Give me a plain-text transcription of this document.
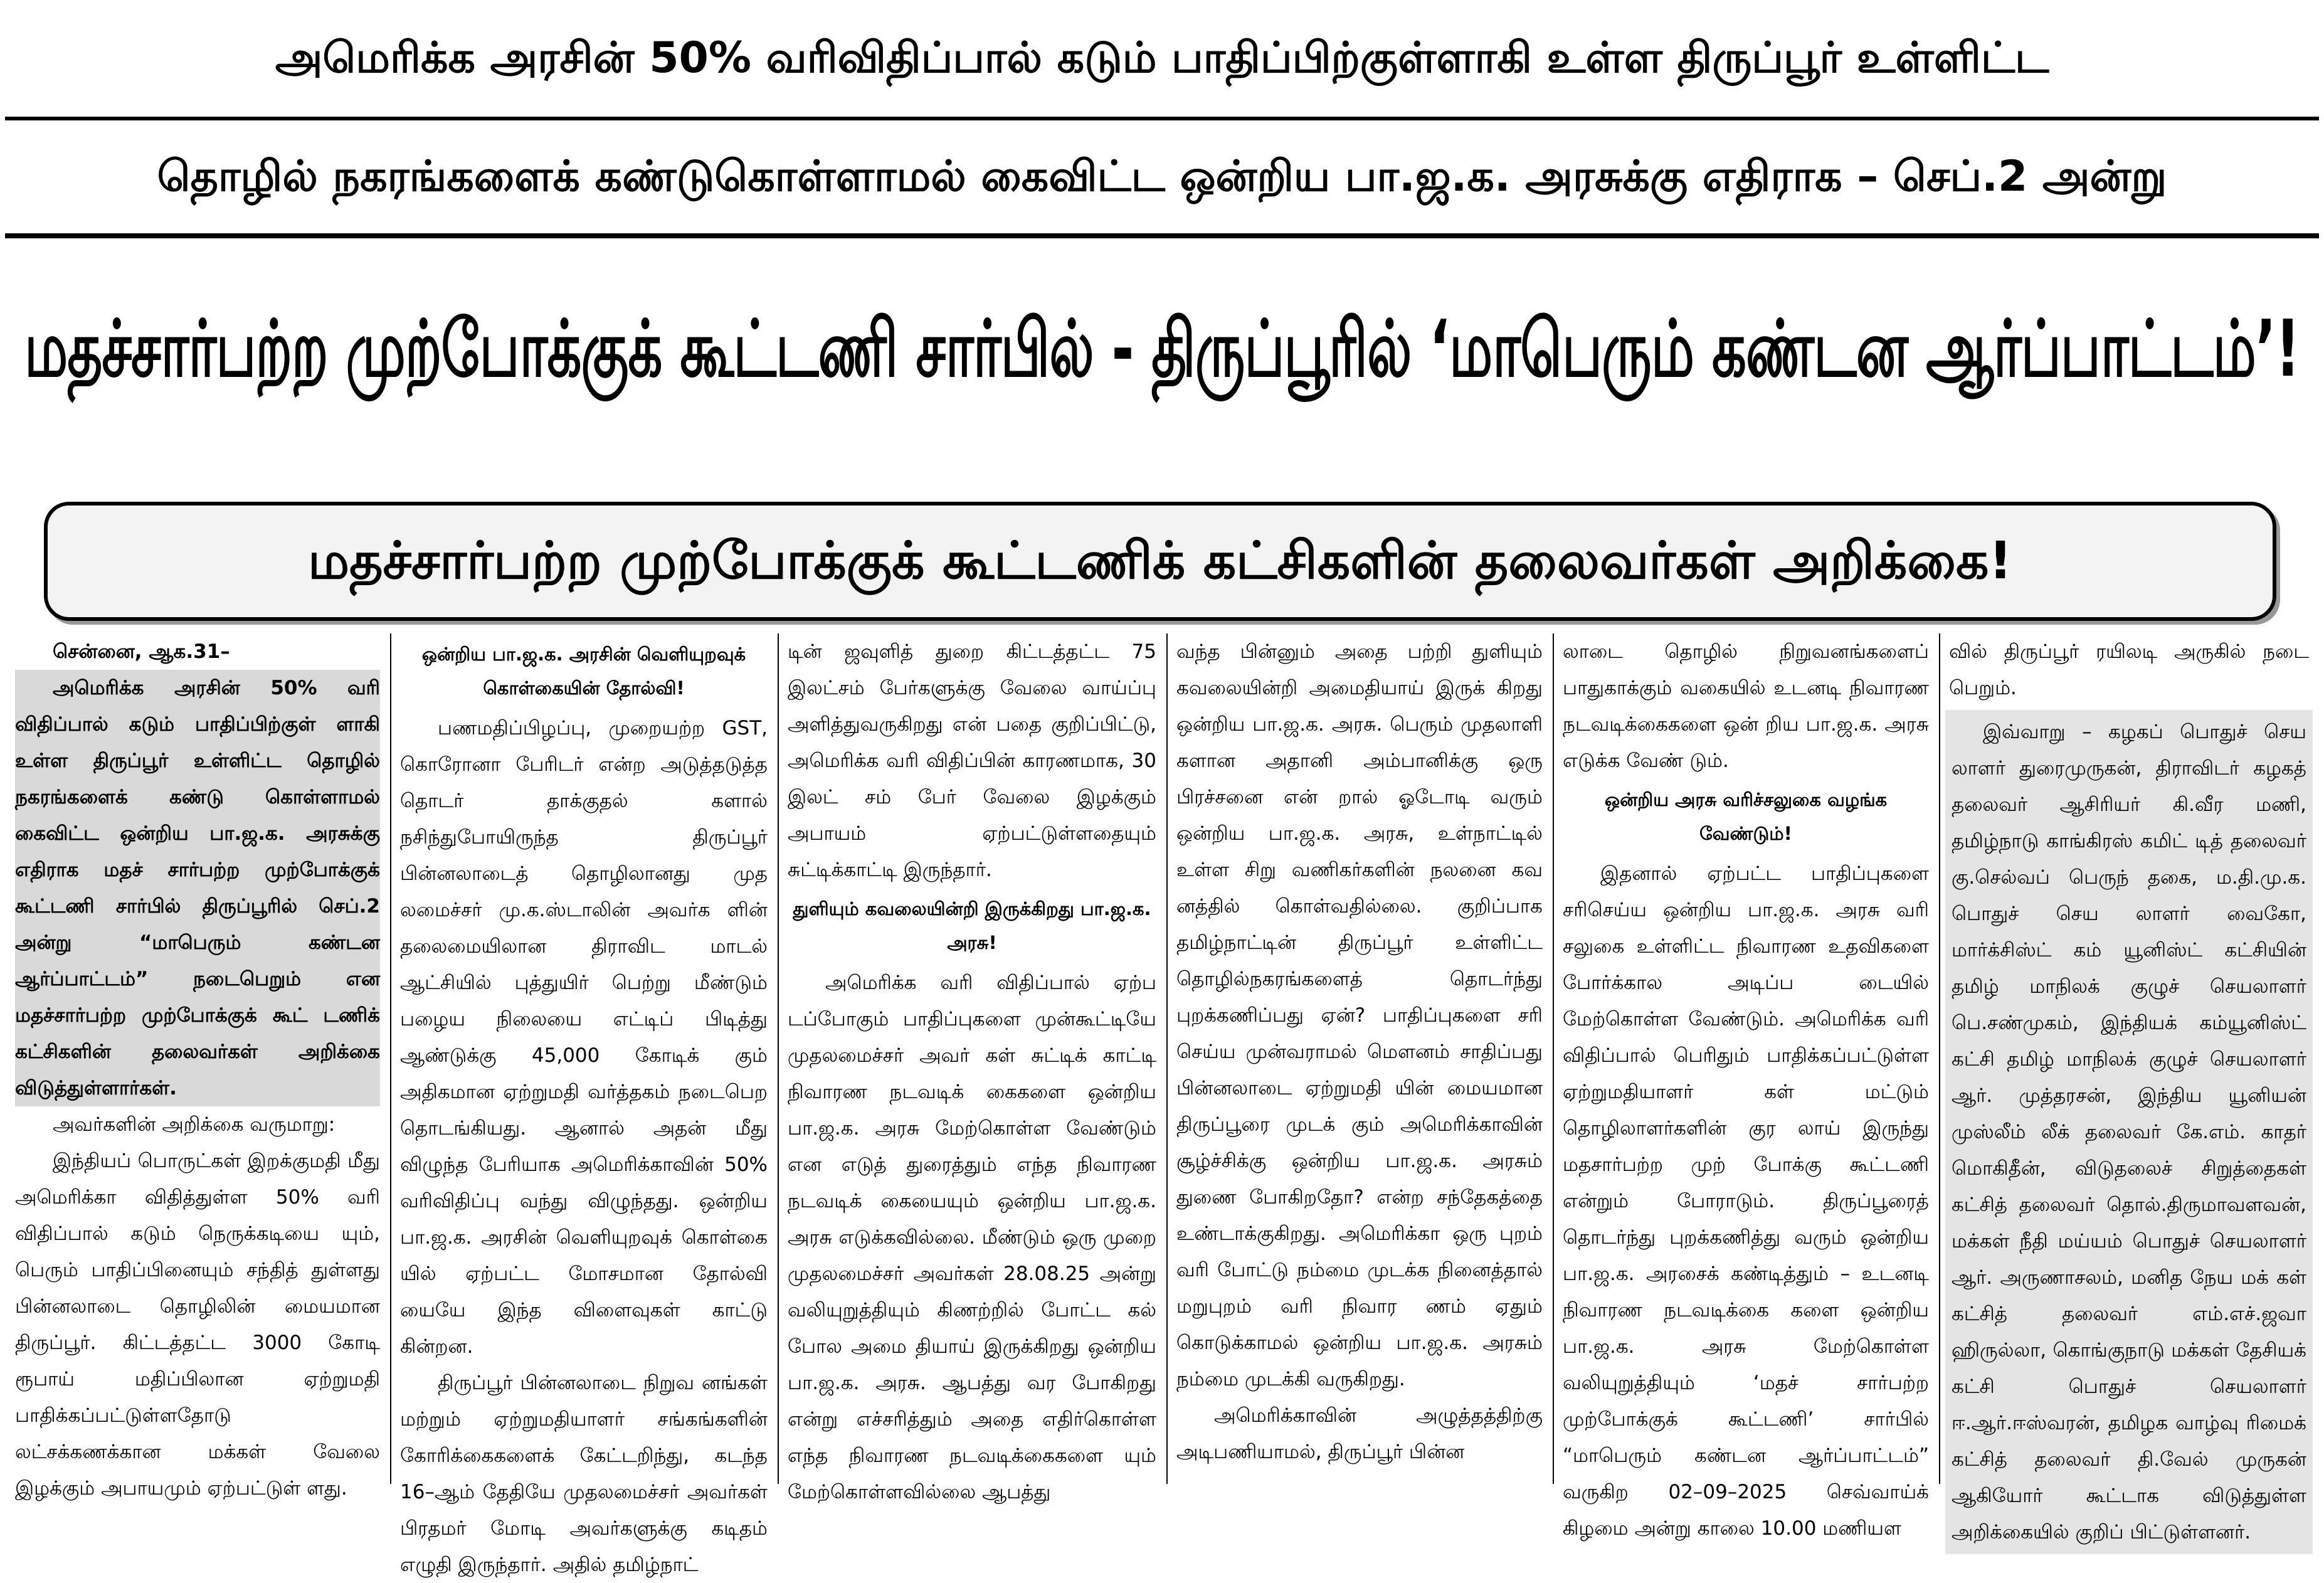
அமெரிக்க அரசின் 50% வரிவிதிப்பால் கடும் பாதிப்பிற்குள்ளாகி உள்ள திருப்பூர் உள்ளிட்ட
தொழில் நகரங்களைக் கண்டுகொள்ளாமல் கைவிட்ட ஒன்றிய பா.ஜ.க. அரசுக்கு எதிராக – செப்.2 அன்று
மதச்சார்பற்ற முற்போக்குக் கூட்டணி சார்பில் - திருப்பூரில் ‘மாபெரும் கண்டன ஆர்ப்பாட்டம்’!
மதச்சார்பற்ற முற்போக்குக் கூட்டணிக் கட்சிகளின் தலைவர்கள் அறிக்கை!

சென்னை, ஆக.31–

அமெரிக்க அரசின் 50% வரி விதிப்பால் கடும் பாதிப்பிற்குள் ளாகி உள்ள திருப்பூர் உள்ளிட்ட தொழில் நகரங்களைக் கண்டு கொள்ளாமல் கைவிட்ட ஒன்றிய பா.ஜ.க. அரசுக்கு எதிராக மதச் சார்பற்ற முற்போக்குக் கூட்டணி சார்பில் திருப்பூரில் செப்.2 அன்று “மாபெரும் கண்டன ஆர்ப்பாட்டம்” நடைபெறும் என மதச்சார்பற்ற முற்போக்குக் கூட் டணிக் கட்சிகளின் தலைவர்கள் அறிக்கை விடுத்துள்ளார்கள்.

அவர்களின் அறிக்கை வருமாறு:

இந்தியப் பொருட்கள் இறக்குமதி மீது அமெரிக்கா விதித்துள்ள 50% வரி விதிப்பால் கடும் நெருக்கடியை யும், பெரும் பாதிப்பினையும் சந்தித் துள்ளது பின்னலாடை தொழிலின் மையமான திருப்பூர். கிட்டத்தட்ட 3000 கோடி ரூபாய் மதிப்பிலான ஏற்றுமதி பாதிக்கப்பட்டுள்ளதோடு லட்சக்கணக்கான மக்கள் வேலை இழக்கும் அபாயமும் ஏற்பட்டுள் ளது.

ஒன்றிய பா.ஜ.க. அரசின் வெளியுறவுக் கொள்கையின் தோல்வி!

பணமதிப்பிழப்பு, முறையற்ற GST, கொரோனா பேரிடர் என்ற அடுத்தடுத்த தொடர் தாக்குதல் களால் நசிந்துபோயிருந்த திருப்பூர் பின்னலாடைத் தொழிலானது முத லமைச்சர் மு.க.ஸ்டாலின் அவர்க ளின் தலைமையிலான திராவிட மாடல் ஆட்சியில் புத்துயிர் பெற்று மீண்டும் பழைய நிலையை எட்டிப் பிடித்து ஆண்டுக்கு 45,000 கோடிக் கும் அதிகமான ஏற்றுமதி வர்த்தகம் நடைபெற தொடங்கியது. ஆனால் அதன் மீது விழுந்த பேரியாக அமெரிக்காவின் 50% வரிவிதிப்பு வந்து விழுந்தது. ஒன்றிய பா.ஜ.க. அரசின் வெளியுறவுக் கொள்கை யில் ஏற்பட்ட மோசமான தோல்வி யையே இந்த விளைவுகள் காட்டு கின்றன.

திருப்பூர் பின்னலாடை நிறுவ னங்கள் மற்றும் ஏற்றுமதியாளர் சங்கங்களின் கோரிக்கைகளைக் கேட்டறிந்து, கடந்த 16–ஆம் தேதியே முதலமைச்சர் அவர்கள் பிரதமர் மோடி அவர்களுக்கு கடிதம் எழுதி இருந்தார். அதில் தமிழ்நாட்

டின் ஜவுளித் துறை கிட்டத்தட்ட 75 இலட்சம் பேர்களுக்கு வேலை வாய்ப்பு அளித்துவருகிறது என் பதை குறிப்பிட்டு, அமெரிக்க வரி விதிப்பின் காரணமாக, 30 இலட் சம் பேர் வேலை இழக்கும் அபாயம் ஏற்பட்டுள்ளதையும் சுட்டிக்காட்டி இருந்தார்.

துளியும் கவலையின்றி இருக்கிறது பா.ஜ.க. அரசு!

அமெரிக்க வரி விதிப்பால் ஏற்ப டப்போகும் பாதிப்புகளை முன்கூட்டியே முதலமைச்சர் அவர் கள் சுட்டிக் காட்டி நிவாரண நடவடிக் கைகளை ஒன்றிய பா.ஜ.க. அரசு மேற்கொள்ள வேண்டும் என எடுத் துரைத்தும் எந்த நிவாரண நடவடிக் கையையும் ஒன்றிய பா.ஜ.க. அரசு எடுக்கவில்லை. மீண்டும் ஒரு முறை முதலமைச்சர் அவர்கள் 28.08.25 அன்று வலியுறுத்தியும் கிணற்றில் போட்ட கல் போல அமை தியாய் இருக்கிறது ஒன்றிய பா.ஜ.க. அரசு. ஆபத்து வர போகிறது என்று எச்சரித்தும் அதை எதிர்கொள்ள எந்த நிவாரண நடவடிக்கைகளை யும் மேற்கொள்ளவில்லை ஆபத்து

வந்த பின்னும் அதை பற்றி துளியும் கவலையின்றி அமைதியாய் இருக் கிறது ஒன்றிய பா.ஜ.க. அரசு. பெரும் முதலாளி களான அதானி அம்பானிக்கு ஒரு பிரச்சனை என் றால் ஓடோடி வரும் ஒன்றிய பா.ஜ.க. அரசு, உள்நாட்டில் உள்ள சிறு வணிகர்களின் நலனை கவ னத்தில் கொள்வதில்லை. குறிப்பாக தமிழ்நாட்டின் திருப்பூர் உள்ளிட்ட தொழில்நகரங்களைத் தொடர்ந்து புறக்கணிப்பது ஏன்? பாதிப்புகளை சரி செய்ய முன்வராமல் மௌனம் சாதிப்பது பின்னலாடை ஏற்றுமதி யின் மையமான திருப்பூரை முடக் கும் அமெரிக்காவின் சூழ்ச்சிக்கு ஒன்றிய பா.ஜ.க. அரசும் துணை போகிறதோ? என்ற சந்தேகத்தை உண்டாக்குகிறது. அமெரிக்கா ஒரு புறம் வரி போட்டு நம்மை முடக்க நினைத்தால் மறுபுறம் வரி நிவார ணம் ஏதும் கொடுக்காமல் ஒன்றிய பா.ஜ.க. அரசும் நம்மை முடக்கி வருகிறது.

அமெரிக்காவின் அழுத்தத்திற்கு அடிபணியாமல், திருப்பூர் பின்ன

லாடை தொழில் நிறுவனங்களைப் பாதுகாக்கும் வகையில் உடனடி நிவாரண நடவடிக்கைகளை ஒன் றிய பா.ஜ.க. அரசு எடுக்க வேண் டும்.

ஒன்றிய அரசு வரிச்சலுகை வழங்க வேண்டும்!

இதனால் ஏற்பட்ட பாதிப்புகளை சரிசெய்ய ஒன்றிய பா.ஜ.க. அரசு வரி சலுகை உள்ளிட்ட நிவாரண உதவிகளை போர்க்கால அடிப்ப டையில் மேற்கொள்ள வேண்டும். அமெரிக்க வரி விதிப்பால் பெரிதும் பாதிக்கப்பட்டுள்ள ஏற்றுமதியாளர் கள் மட்டும் தொழிலாளர்களின் குர லாய் இருந்து மதசார்பற்ற முற் போக்கு கூட்டணி என்றும் போராடும். திருப்பூரைத் தொடர்ந்து புறக்கணித்து வரும் ஒன்றிய பா.ஜ.க. அரசைக் கண்டித்தும் – உடனடி நிவாரண நடவடிக்கை களை ஒன்றிய பா.ஜ.க. அரசு மேற்கொள்ள வலியுறுத்தியும் ‘மதச் சார்பற்ற முற்போக்குக் கூட்டணி’ சார்பில் “மாபெரும் கண்டன ஆர்ப்பாட்டம்” வருகிற 02–09–2025 செவ்வாய்க் கிழமை அன்று காலை 10.00 மணியள

வில் திருப்பூர் ரயிலடி அருகில் நடை பெறும்.

இவ்வாறு – கழகப் பொதுச் செய லாளர் துரைமுருகன், திராவிடர் கழகத் தலைவர் ஆசிரியர் கி.வீர மணி, தமிழ்நாடு காங்கிரஸ் கமிட் டித் தலைவர் கு.செல்வப் பெருந் தகை, ம.தி.மு.க. பொதுச் செய லாளர் வைகோ, மார்க்சிஸ்ட் கம் யூனிஸ்ட் கட்சியின் தமிழ் மாநிலக் குழுச் செயலாளர் பெ.சண்முகம், இந்தியக் கம்யூனிஸ்ட் கட்சி தமிழ் மாநிலக் குழுச் செயலாளர் ஆர். முத்தரசன், இந்திய யூனியன் முஸ்லீம் லீக் தலைவர் கே.எம். காதர் மொகிதீன், விடுதலைச் சிறுத்தைகள் கட்சித் தலைவர் தொல்.திருமாவளவன், மக்கள் நீதி மய்யம் பொதுச் செயலாளர் ஆர். அருணாசலம், மனித நேய மக் கள் கட்சித் தலைவர் எம்.எச்.ஜவா ஹிருல்லா, கொங்குநாடு மக்கள் தேசியக் கட்சி பொதுச் செயலாளர் ஈ.ஆர்.ஈஸ்வரன், தமிழக வாழ்வு ரிமைக் கட்சித் தலைவர் தி.வேல் முருகன் ஆகியோர் கூட்டாக விடுத்துள்ள அறிக்கையில் குறிப் பிட்டுள்ளனர்.
